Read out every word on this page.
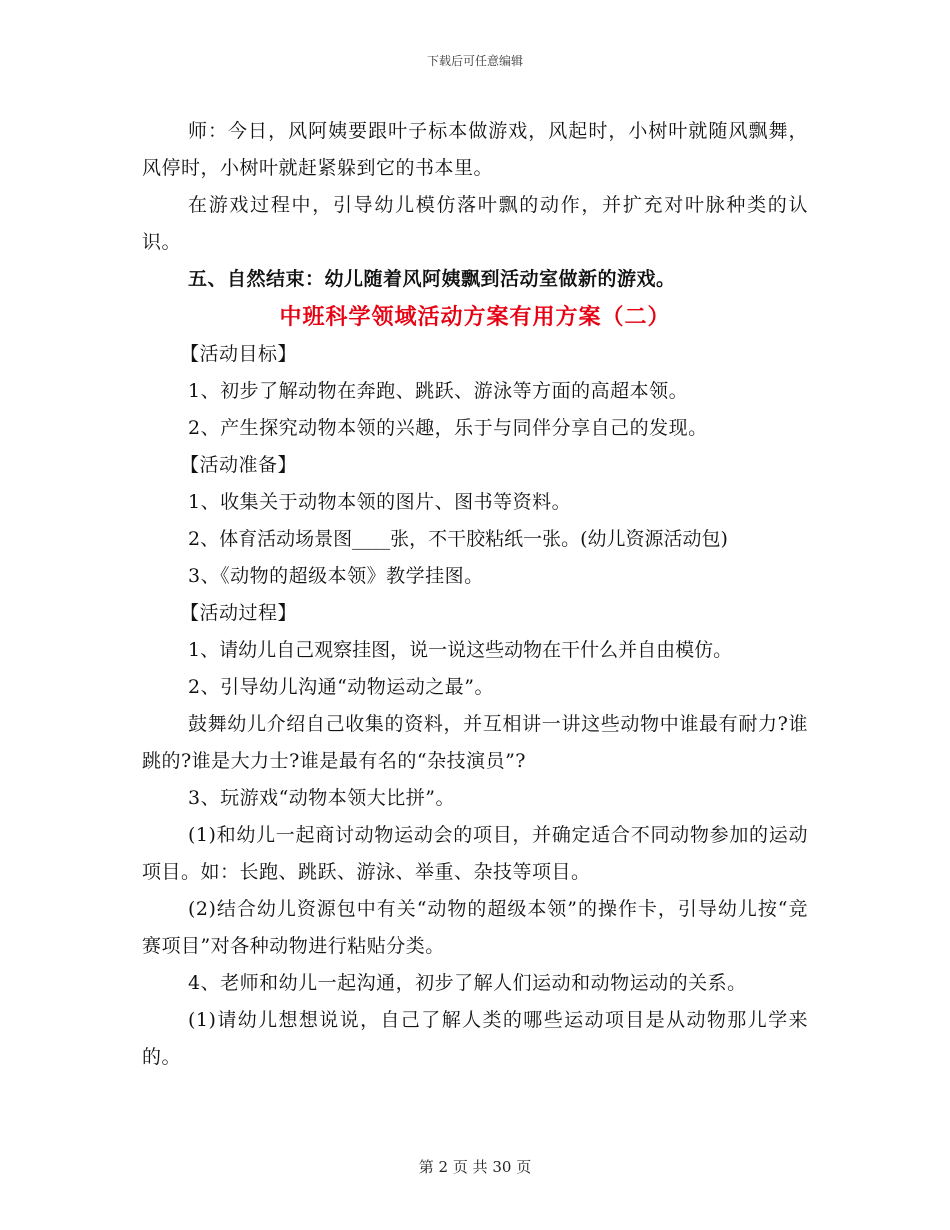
下载后可任意编辑

师：今日，风阿姨要跟叶子标本做游戏，风起时，小树叶就随风飘舞，风停时，小树叶就赶紧躲到它的书本里。

在游戏过程中，引导幼儿模仿落叶飘的动作，并扩充对叶脉种类的认识。

五、自然结束：幼儿随着风阿姨飘到活动室做新的游戏。

中班科学领域活动方案有用方案（二）

【活动目标】

1、初步了解动物在奔跑、跳跃、游泳等方面的高超本领。

2、产生探究动物本领的兴趣，乐于与同伴分享自己的发现。

【活动准备】

1、收集关于动物本领的图片、图书等资料。

2、体育活动场景图____张，不干胶粘纸一张。(幼儿资源活动包)

3、《动物的超级本领》教学挂图。

【活动过程】

1、请幼儿自己观察挂图，说一说这些动物在干什么并自由模仿。

2、引导幼儿沟通“动物运动之最”。

鼓舞幼儿介绍自己收集的资料，并互相讲一讲这些动物中谁最有耐力?谁跳的?谁是大力士?谁是最有名的“杂技演员”?

3、玩游戏“动物本领大比拼”。

(1)和幼儿一起商讨动物运动会的项目，并确定适合不同动物参加的运动项目。如：长跑、跳跃、游泳、举重、杂技等项目。

(2)结合幼儿资源包中有关“动物的超级本领”的操作卡，引导幼儿按“竞赛项目”对各种动物进行粘贴分类。

4、老师和幼儿一起沟通，初步了解人们运动和动物运动的关系。

(1)请幼儿想想说说，自己了解人类的哪些运动项目是从动物那儿学来的。

第 2 页 共 30 页
